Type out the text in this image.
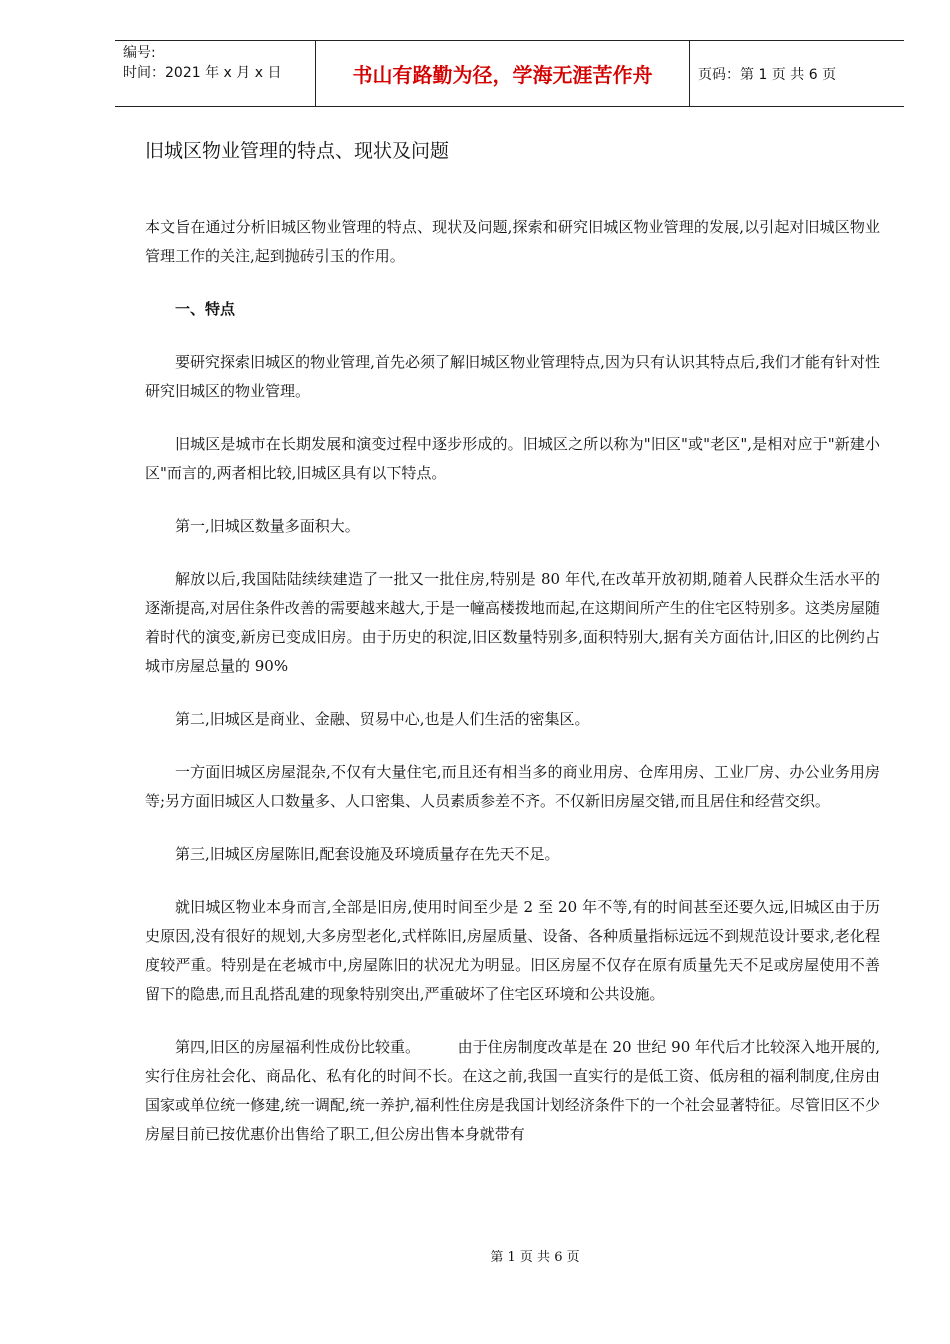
编号:
时间：2021 年 x 月 x 日	书山有路勤为径，学海无涯苦作舟	页码：第 1 页 共 6 页
旧城区物业管理的特点、现状及问题

本文旨在通过分析旧城区物业管理的特点、现状及问题,探索和研究旧城区物业管理的发展,以引起对旧城区物业管理工作的关注,起到抛砖引玉的作用。

一、特点

要研究探索旧城区的物业管理,首先必须了解旧城区物业管理特点,因为只有认识其特点后,我们才能有针对性研究旧城区的物业管理。

旧城区是城市在长期发展和演变过程中逐步形成的。旧城区之所以称为"旧区"或"老区",是相对应于"新建小区"而言的,两者相比较,旧城区具有以下特点。

第一,旧城区数量多面积大。

解放以后,我国陆陆续续建造了一批又一批住房,特别是 80 年代,在改革开放初期,随着人民群众生活水平的逐渐提高,对居住条件改善的需要越来越大,于是一幢高楼拨地而起,在这期间所产生的住宅区特别多。这类房屋随着时代的演变,新房已变成旧房。由于历史的积淀,旧区数量特别多,面积特别大,据有关方面估计,旧区的比例约占城市房屋总量的 90%

第二,旧城区是商业、金融、贸易中心,也是人们生活的密集区。

一方面旧城区房屋混杂,不仅有大量住宅,而且还有相当多的商业用房、仓库用房、工业厂房、办公业务用房等;另方面旧城区人口数量多、人口密集、人员素质参差不齐。不仅新旧房屋交错,而且居住和经营交织。

第三,旧城区房屋陈旧,配套设施及环境质量存在先天不足。

就旧城区物业本身而言,全部是旧房,使用时间至少是 2 至 20 年不等,有的时间甚至还要久远,旧城区由于历史原因,没有很好的规划,大多房型老化,式样陈旧,房屋质量、设备、各种质量指标远远不到规范设计要求,老化程度较严重。特别是在老城市中,房屋陈旧的状况尤为明显。旧区房屋不仅存在原有质量先天不足或房屋使用不善留下的隐患,而且乱搭乱建的现象特别突出,严重破坏了住宅区环境和公共设施。

第四,旧区的房屋福利性成份比较重。　　　由于住房制度改革是在 20 世纪 90 年代后才比较深入地开展的,实行住房社会化、商品化、私有化的时间不长。在这之前,我国一直实行的是低工资、低房租的福利制度,住房由国家或单位统一修建,统一调配,统一养护,福利性住房是我国计划经济条件下的一个社会显著特征。尽管旧区不少房屋目前已按优惠价出售给了职工,但公房出售本身就带有

第 1 页 共 6 页
